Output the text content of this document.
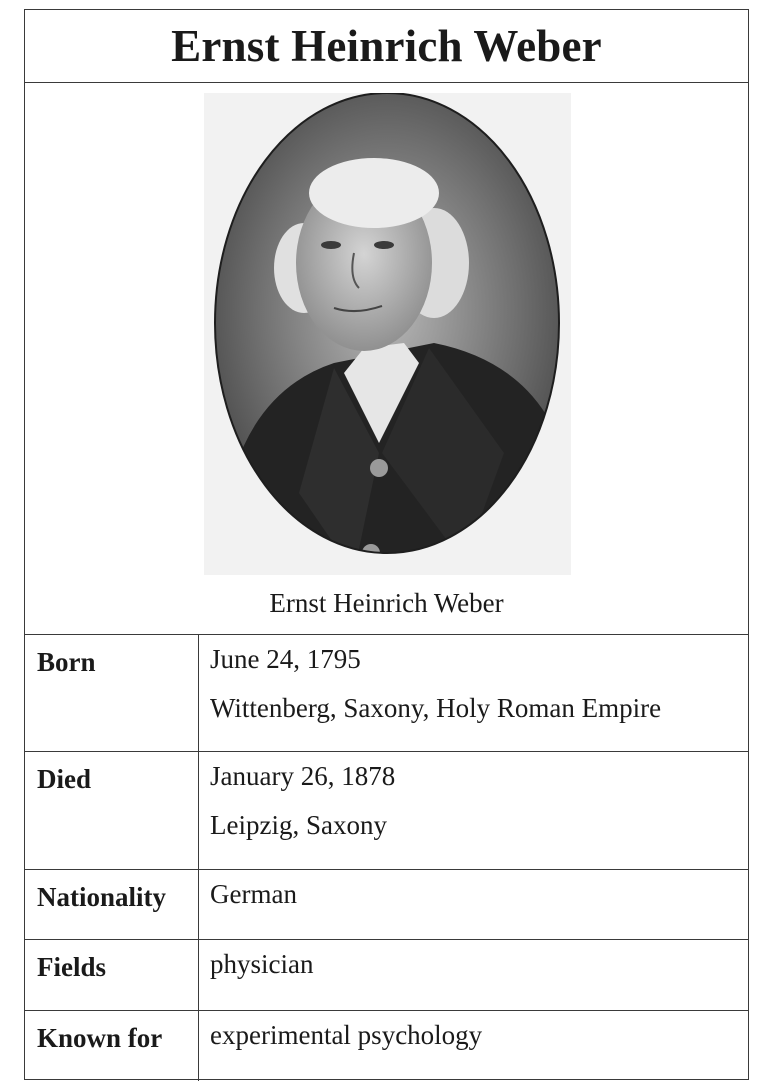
Ernst Heinrich Weber
Ernst Heinrich Weber
Born	June 24, 1795
Wittenberg, Saxony, Holy Roman Empire
Died	January 26, 1878
Leipzig, Saxony
Nationality	German
Fields	physician
Known for	experimental psychology
